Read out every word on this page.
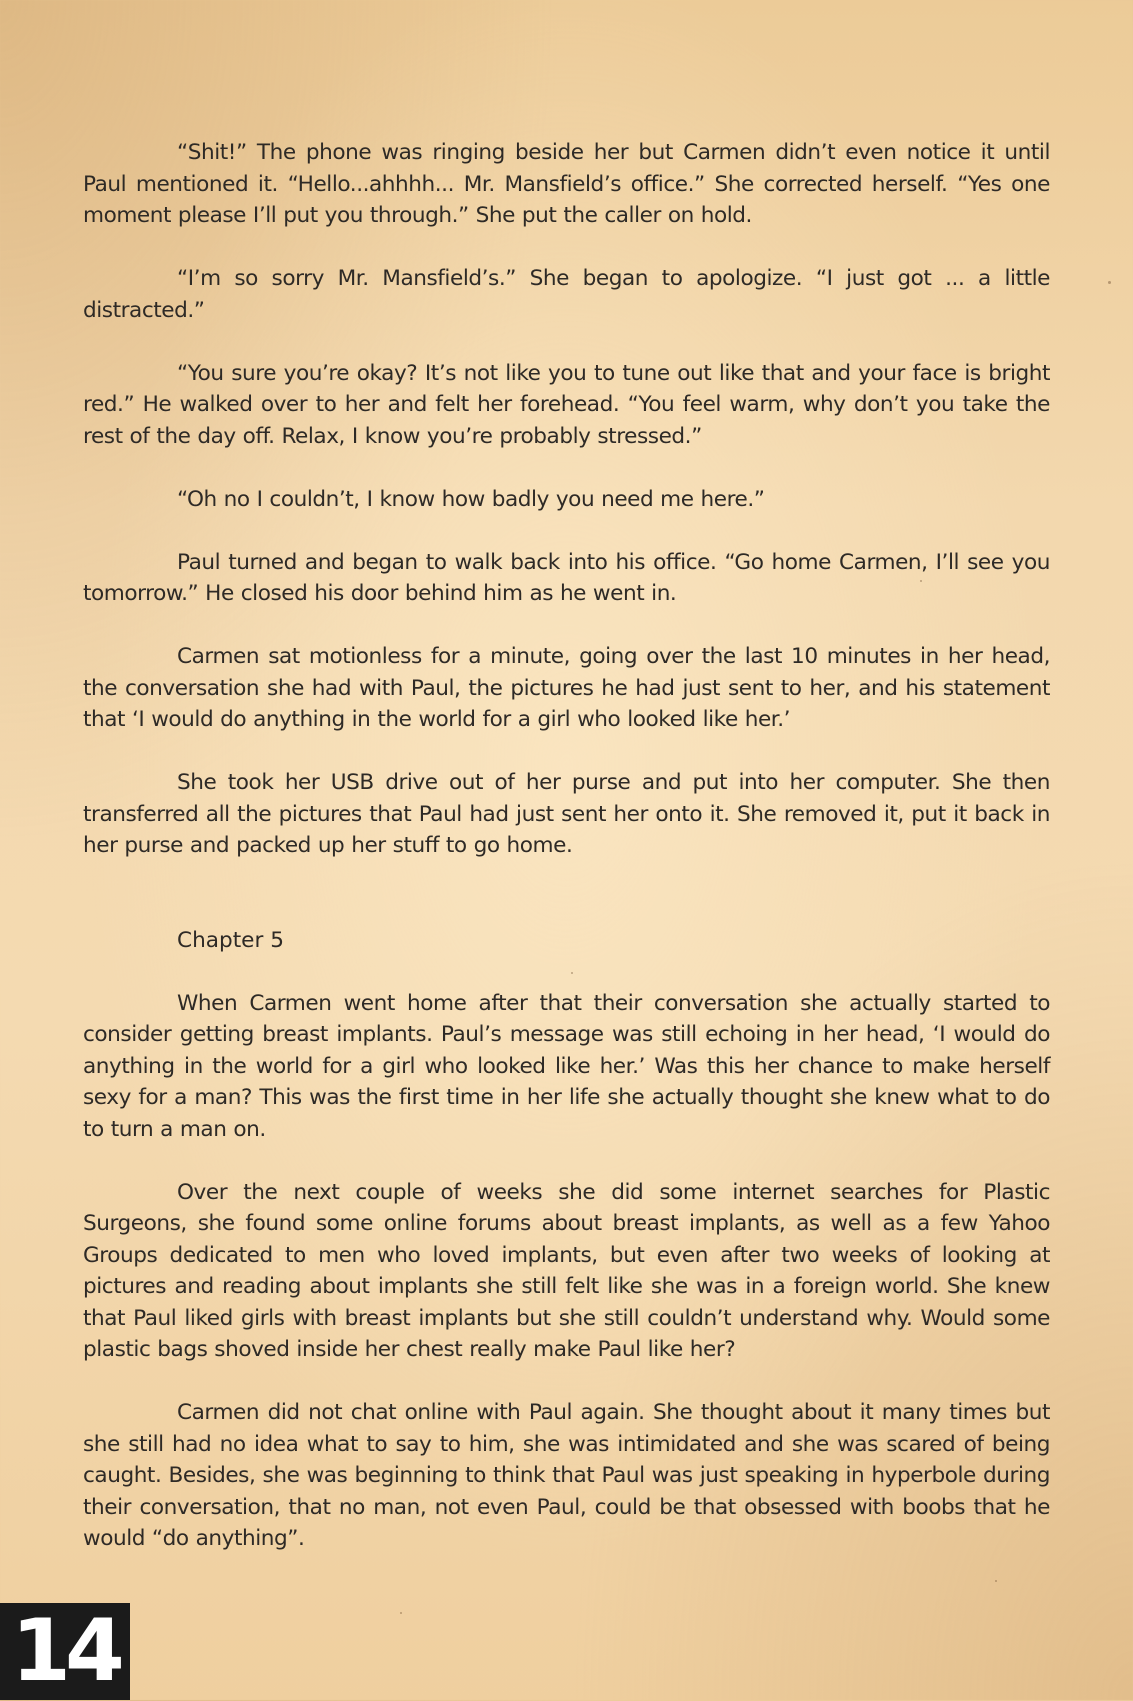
“Shit!” The phone was ringing beside her but Carmen didn’t even notice it until Paul mentioned it. “Hello...ahhhh... Mr. Mansfield’s office.” She corrected herself. “Yes one moment please I’ll put you through.” She put the caller on hold.

“I’m so sorry Mr. Mansfield’s.” She began to apologize. “I just got ... a little distracted.”

“You sure you’re okay? It’s not like you to tune out like that and your face is bright red.” He walked over to her and felt her forehead. “You feel warm, why don’t you take the rest of the day off. Relax, I know you’re probably stressed.”

“Oh no I couldn’t, I know how badly you need me here.”

Paul turned and began to walk back into his office. “Go home Carmen, I’ll see you tomorrow.” He closed his door behind him as he went in.

Carmen sat motionless for a minute, going over the last 10 minutes in her head, the conversation she had with Paul, the pictures he had just sent to her, and his statement that ‘I would do anything in the world for a girl who looked like her.’

She took her USB drive out of her purse and put into her computer. She then transferred all the pictures that Paul had just sent her onto it. She removed it, put it back in her purse and packed up her stuff to go home.

Chapter 5

When Carmen went home after that their conversation she actually started to consider getting breast implants. Paul’s message was still echoing in her head, ‘I would do anything in the world for a girl who looked like her.’ Was this her chance to make herself sexy for a man? This was the first time in her life she actually thought she knew what to do to turn a man on.

Over the next couple of weeks she did some internet searches for Plastic Surgeons, she found some online forums about breast implants, as well as a few Yahoo Groups dedicated to men who loved implants, but even after two weeks of looking at pictures and reading about implants she still felt like she was in a foreign world. She knew that Paul liked girls with breast implants but she still couldn’t understand why. Would some plastic bags shoved inside her chest really make Paul like her?

Carmen did not chat online with Paul again. She thought about it many times but she still had no idea what to say to him, she was intimidated and she was scared of being caught. Besides, she was beginning to think that Paul was just speaking in hyperbole during their conversation, that no man, not even Paul, could be that obsessed with boobs that he would “do anything”.

14
